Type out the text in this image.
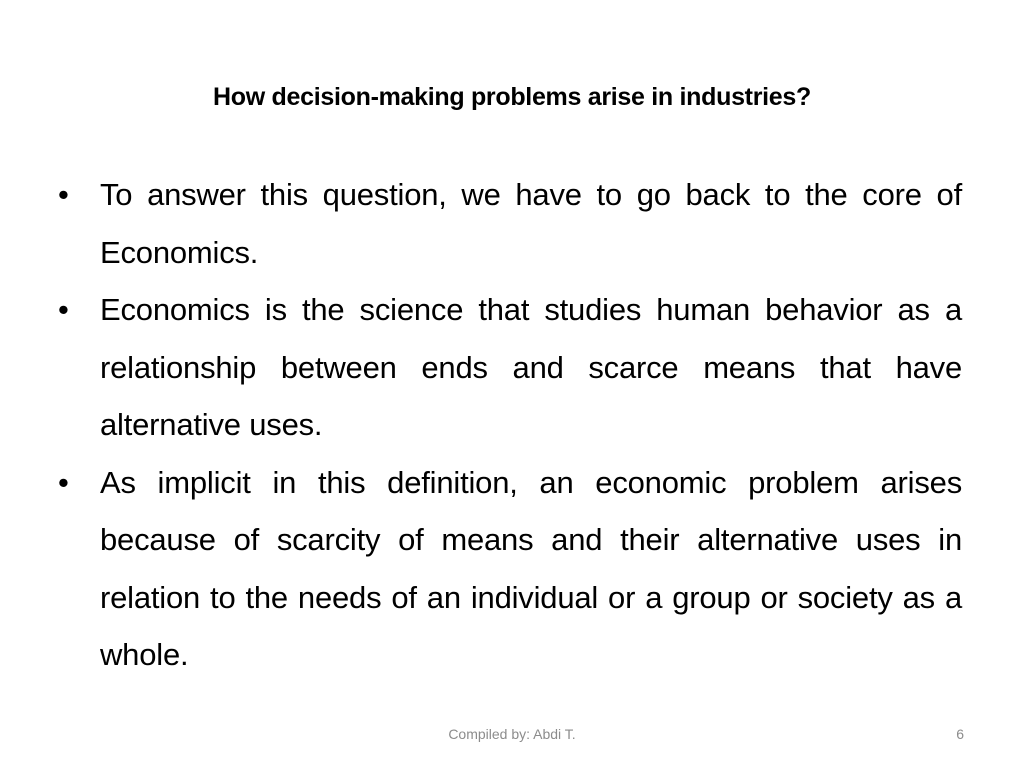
How decision-making problems arise in industries?
•	To answer this question, we have to go back to the core of Economics.
•	Economics is the science that studies human behavior as a relationship between ends and scarce means that have alternative uses.
•	As implicit in this definition, an economic problem arises because of scarcity of means and their alternative uses in relation to the needs of an individual or a group or society as a whole.
Compiled by: Abdi T.	6
